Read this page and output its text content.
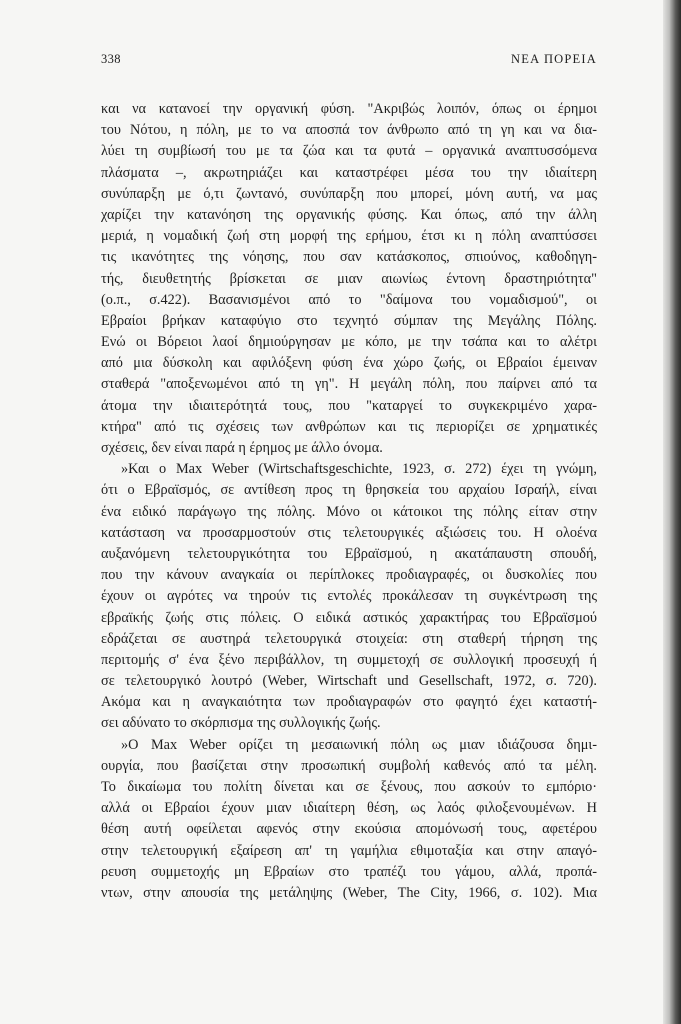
338	ΝΕΑ ΠΟΡΕΙΑ
και να κατανοεί την οργανική φύση. "Ακριβώς λοιπόν, όπως οι έρημοι
του Νότου, η πόλη, με το να αποσπά τον άνθρωπο από τη γη και να δια-
λύει τη συμβίωσή του με τα ζώα και τα φυτά – οργανικά αναπτυσσόμενα
πλάσματα –, ακρωτηριάζει και καταστρέφει μέσα του την ιδιαίτερη
συνύπαρξη με ό,τι ζωντανό, συνύπαρξη που μπορεί, μόνη αυτή, να μας
χαρίζει την κατανόηση της οργανικής φύσης. Και όπως, από την άλλη
μεριά, η νομαδική ζωή στη μορφή της ερήμου, έτσι κι η πόλη αναπτύσσει
τις ικανότητες της νόησης, που σαν κατάσκοπος, σπιούνος, καθοδηγη-
τής, διευθετητής βρίσκεται σε μιαν αιωνίως έντονη δραστηριότητα"
(ο.π., σ.422). Βασανισμένοι από το "δαίμονα του νομαδισμού", οι
Εβραίοι βρήκαν καταφύγιο στο τεχνητό σύμπαν της Μεγάλης Πόλης.
Ενώ οι Βόρειοι λαοί δημιούργησαν με κόπο, με την τσάπα και το αλέτρι
από μια δύσκολη και αφιλόξενη φύση ένα χώρο ζωής, οι Εβραίοι έμειναν
σταθερά "αποξενωμένοι από τη γη". Η μεγάλη πόλη, που παίρνει από τα
άτομα την ιδιαιτερότητά τους, που "καταργεί το συγκεκριμένο χαρα-
κτήρα" από τις σχέσεις των ανθρώπων και τις περιορίζει σε χρηματικές
σχέσεις, δεν είναι παρά η έρημος με άλλο όνομα.
»Και ο Max Weber (Wirtschaftsgeschichte, 1923, σ. 272) έχει τη γνώμη,
ότι ο Εβραϊσμός, σε αντίθεση προς τη θρησκεία του αρχαίου Ισραήλ, είναι
ένα ειδικό παράγωγο της πόλης. Μόνο οι κάτοικοι της πόλης είταν στην
κατάσταση να προσαρμοστούν στις τελετουργικές αξιώσεις του. Η ολοένα
αυξανόμενη τελετουργικότητα του Εβραϊσμού, η ακατάπαυστη σπουδή,
που την κάνουν αναγκαία οι περίπλοκες προδιαγραφές, οι δυσκολίες που
έχουν οι αγρότες να τηρούν τις εντολές προκάλεσαν τη συγκέντρωση της
εβραϊκής ζωής στις πόλεις. Ο ειδικά αστικός χαρακτήρας του Εβραϊσμού
εδράζεται σε αυστηρά τελετουργικά στοιχεία: στη σταθερή τήρηση της
περιτομής σ' ένα ξένο περιβάλλον, τη συμμετοχή σε συλλογική προσευχή ή
σε τελετουργικό λουτρό (Weber, Wirtschaft und Gesellschaft, 1972, σ. 720).
Ακόμα και η αναγκαιότητα των προδιαγραφών στο φαγητό έχει καταστή-
σει αδύνατο το σκόρπισμα της συλλογικής ζωής.
»Ο Max Weber ορίζει τη μεσαιωνική πόλη ως μιαν ιδιάζουσα δημι-
ουργία, που βασίζεται στην προσωπική συμβολή καθενός από τα μέλη.
Το δικαίωμα του πολίτη δίνεται και σε ξένους, που ασκούν το εμπόριο·
αλλά οι Εβραίοι έχουν μιαν ιδιαίτερη θέση, ως λαός φιλοξενουμένων. Η
θέση αυτή οφείλεται αφενός στην εκούσια απομόνωσή τους, αφετέρου
στην τελετουργική εξαίρεση απ' τη γαμήλια εθιμοταξία και στην απαγό-
ρευση συμμετοχής μη Εβραίων στο τραπέζι του γάμου, αλλά, προπά-
ντων, στην απουσία της μετάληψης (Weber, The City, 1966, σ. 102). Μια
